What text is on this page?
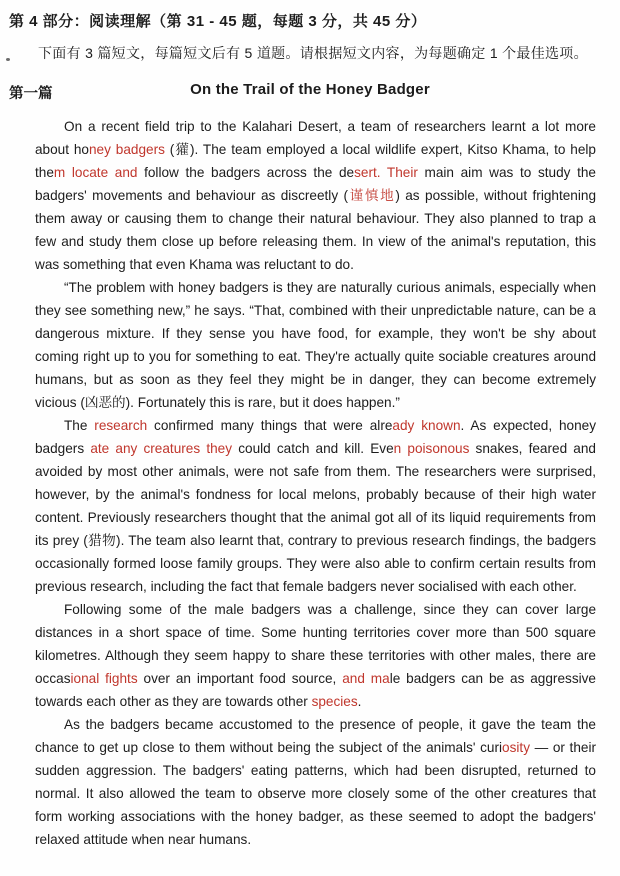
第 4 部分：阅读理解（第 31 - 45 题，每题 3 分，共 45 分）
下面有 3 篇短文，每篇短文后有 5 道题。请根据短文内容，为每题确定 1 个最佳选项。
第一篇	On the Trail of the Honey Badger

On a recent field trip to the Kalahari Desert, a team of researchers learnt a lot more about honey badgers (獾). The team employed a local wildlife expert, Kitso Khama, to help them locate and follow the badgers across the desert. Their main aim was to study the badgers' movements and behaviour as discreetly (谨慎地) as possible, without frightening them away or causing them to change their natural behaviour. They also planned to trap a few and study them close up before releasing them. In view of the animal's reputation, this was something that even Khama was reluctant to do.

“The problem with honey badgers is they are naturally curious animals, especially when they see something new,” he says. “That, combined with their unpredictable nature, can be a dangerous mixture. If they sense you have food, for example, they won't be shy about coming right up to you for something to eat. They're actually quite sociable creatures around humans, but as soon as they feel they might be in danger, they can become extremely vicious (凶恶的). Fortunately this is rare, but it does happen.”

The research confirmed many things that were already known. As expected, honey badgers ate any creatures they could catch and kill. Even poisonous snakes, feared and avoided by most other animals, were not safe from them. The researchers were surprised, however, by the animal's fondness for local melons, probably because of their high water content. Previously researchers thought that the animal got all of its liquid requirements from its prey (猎物). The team also learnt that, contrary to previous research findings, the badgers occasionally formed loose family groups. They were also able to confirm certain results from previous research, including the fact that female badgers never socialised with each other.

Following some of the male badgers was a challenge, since they can cover large distances in a short space of time. Some hunting territories cover more than 500 square kilometres. Although they seem happy to share these territories with other males, there are occasional fights over an important food source, and male badgers can be as aggressive towards each other as they are towards other species.

As the badgers became accustomed to the presence of people, it gave the team the chance to get up close to them without being the subject of the animals' curiosity — or their sudden aggression. The badgers' eating patterns, which had been disrupted, returned to normal. It also allowed the team to observe more closely some of the other creatures that form working associations with the honey badger, as these seemed to adopt the badgers' relaxed attitude when near humans.
